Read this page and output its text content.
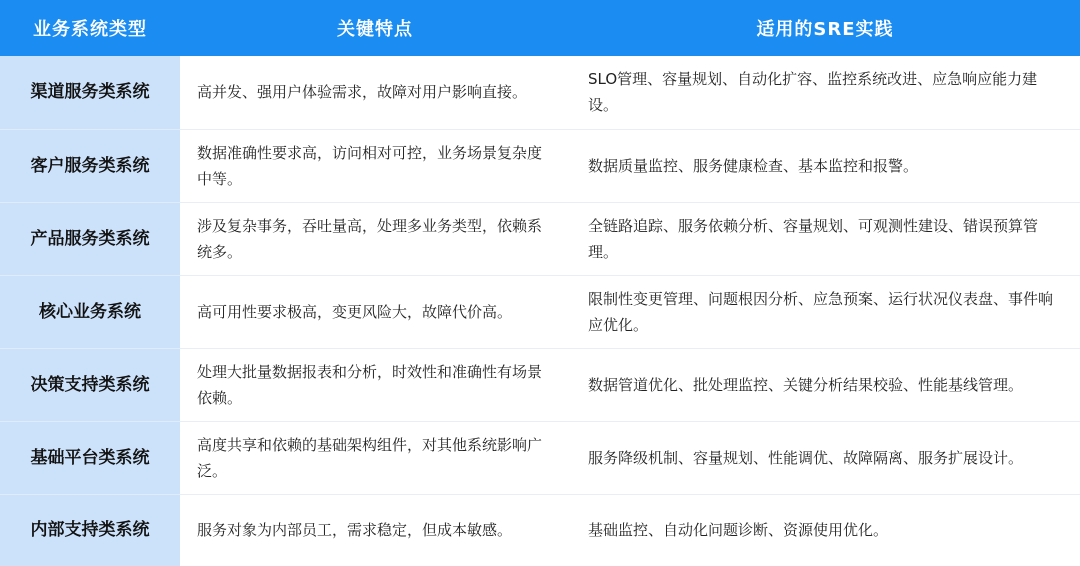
业务系统类型	关键特点	适用的SRE实践
渠道服务类系统	高并发、强用户体验需求，故障对用户影响直接。	SLO管理、容量规划、自动化扩容、监控系统改进、应急响应能力建设。
客户服务类系统	数据准确性要求高，访问相对可控，业务场景复杂度中等。	数据质量监控、服务健康检查、基本监控和报警。
产品服务类系统	涉及复杂事务，吞吐量高，处理多业务类型，依赖系统多。	全链路追踪、服务依赖分析、容量规划、可观测性建设、错误预算管理。
核心业务系统	高可用性要求极高，变更风险大，故障代价高。	限制性变更管理、问题根因分析、应急预案、运行状况仪表盘、事件响应优化。
决策支持类系统	处理大批量数据报表和分析，时效性和准确性有场景依赖。	数据管道优化、批处理监控、关键分析结果校验、性能基线管理。
基础平台类系统	高度共享和依赖的基础架构组件，对其他系统影响广泛。	服务降级机制、容量规划、性能调优、故障隔离、服务扩展设计。
内部支持类系统	服务对象为内部员工，需求稳定，但成本敏感。	基础监控、自动化问题诊断、资源使用优化。
